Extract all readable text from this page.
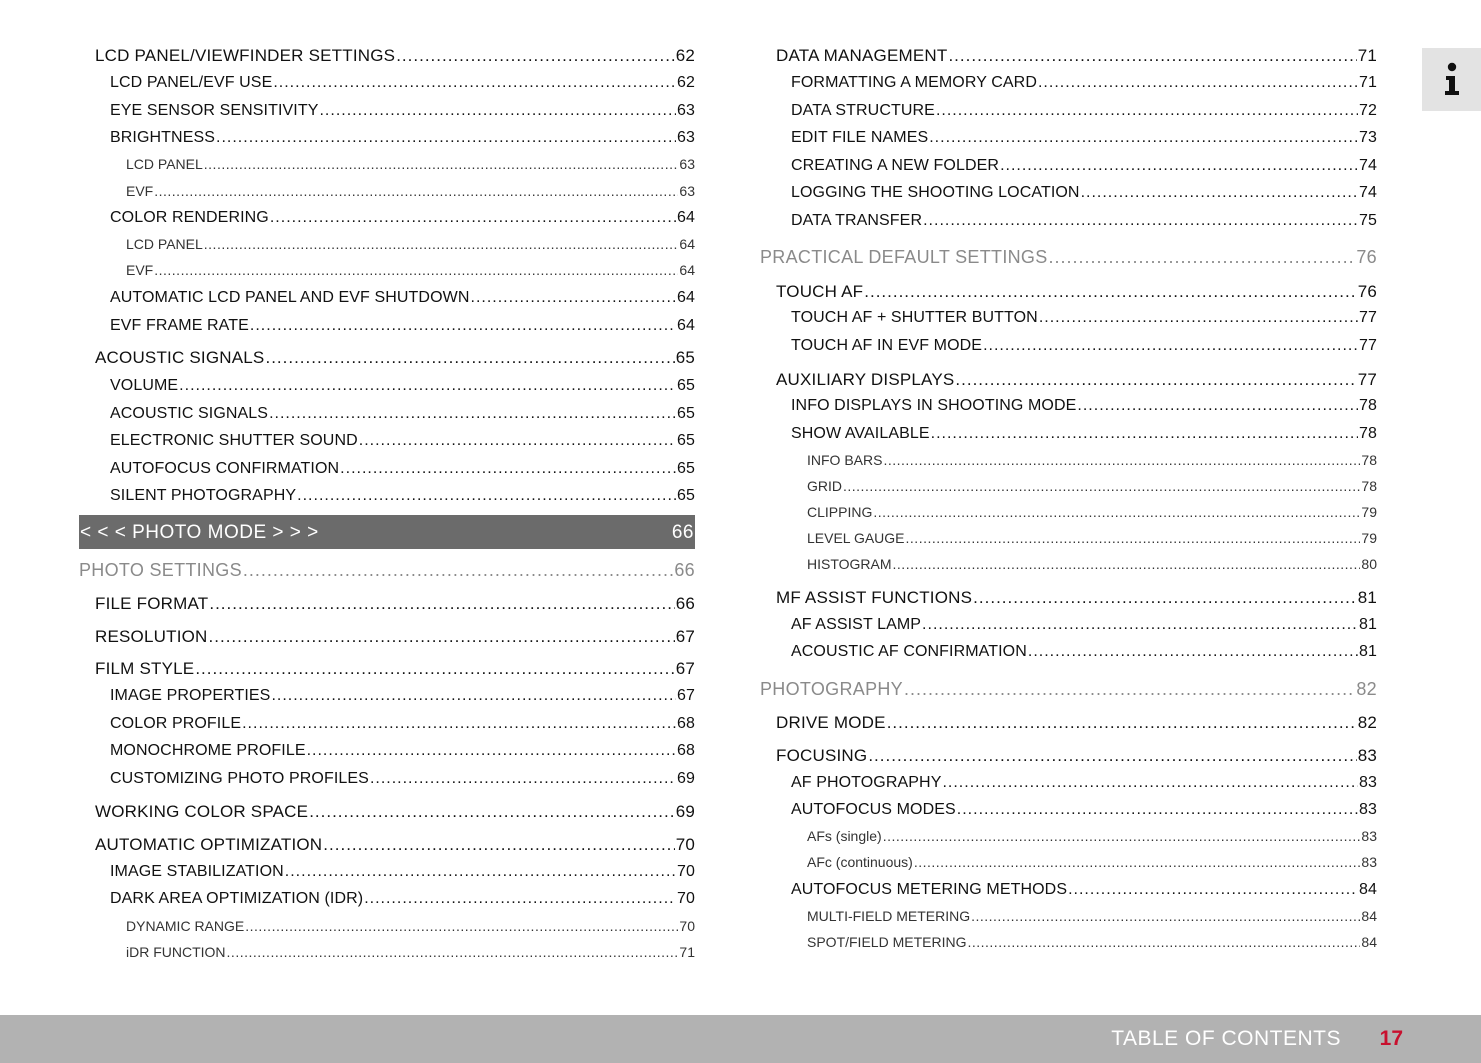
LCD PANEL/VIEWFINDER SETTINGS .....	62
LCD PANEL/EVF USE .....	62
EYE SENSOR SENSITIVITY .....	63
BRIGHTNESS .....	63
LCD PANEL .....	63
EVF .....	63
COLOR RENDERING .....	64
LCD PANEL .....	64
EVF .....	64
AUTOMATIC LCD PANEL AND EVF SHUTDOWN .....	64
EVF FRAME RATE .....	64
ACOUSTIC SIGNALS .....	65
VOLUME .....	65
ACOUSTIC SIGNALS .....	65
ELECTRONIC SHUTTER SOUND .....	65
AUTOFOCUS CONFIRMATION .....	65
SILENT PHOTOGRAPHY .....	65
< < < PHOTO MODE > > >	66
PHOTO SETTINGS .....	66
FILE FORMAT .....	66
RESOLUTION .....	67
FILM STYLE .....	67
IMAGE PROPERTIES .....	67
COLOR PROFILE .....	68
MONOCHROME PROFILE .....	68
CUSTOMIZING PHOTO PROFILES .....	69
WORKING COLOR SPACE .....	69
AUTOMATIC OPTIMIZATION .....	70
IMAGE STABILIZATION .....	70
DARK AREA OPTIMIZATION (IDR) .....	70
DYNAMIC RANGE .....	70
iDR FUNCTION .....	71
DATA MANAGEMENT .....	71
FORMATTING A MEMORY CARD .....	71
DATA STRUCTURE .....	72
EDIT FILE NAMES .....	73
CREATING A NEW FOLDER .....	74
LOGGING THE SHOOTING LOCATION .....	74
DATA TRANSFER .....	75
PRACTICAL DEFAULT SETTINGS .....	76
TOUCH AF .....	76
TOUCH AF + SHUTTER BUTTON .....	77
TOUCH AF IN EVF MODE .....	77
AUXILIARY DISPLAYS .....	77
INFO DISPLAYS IN SHOOTING MODE .....	78
SHOW AVAILABLE .....	78
INFO BARS .....	78
GRID .....	78
CLIPPING .....	79
LEVEL GAUGE .....	79
HISTOGRAM .....	80
MF ASSIST FUNCTIONS .....	81
AF ASSIST LAMP .....	81
ACOUSTIC AF CONFIRMATION .....	81
PHOTOGRAPHY .....	82
DRIVE MODE .....	82
FOCUSING .....	83
AF PHOTOGRAPHY .....	83
AUTOFOCUS MODES .....	83
AFs (single) .....	83
AFc (continuous) .....	83
AUTOFOCUS METERING METHODS .....	84
MULTI-FIELD METERING .....	84
SPOT/FIELD METERING .....	84
TABLE OF CONTENTS 17
